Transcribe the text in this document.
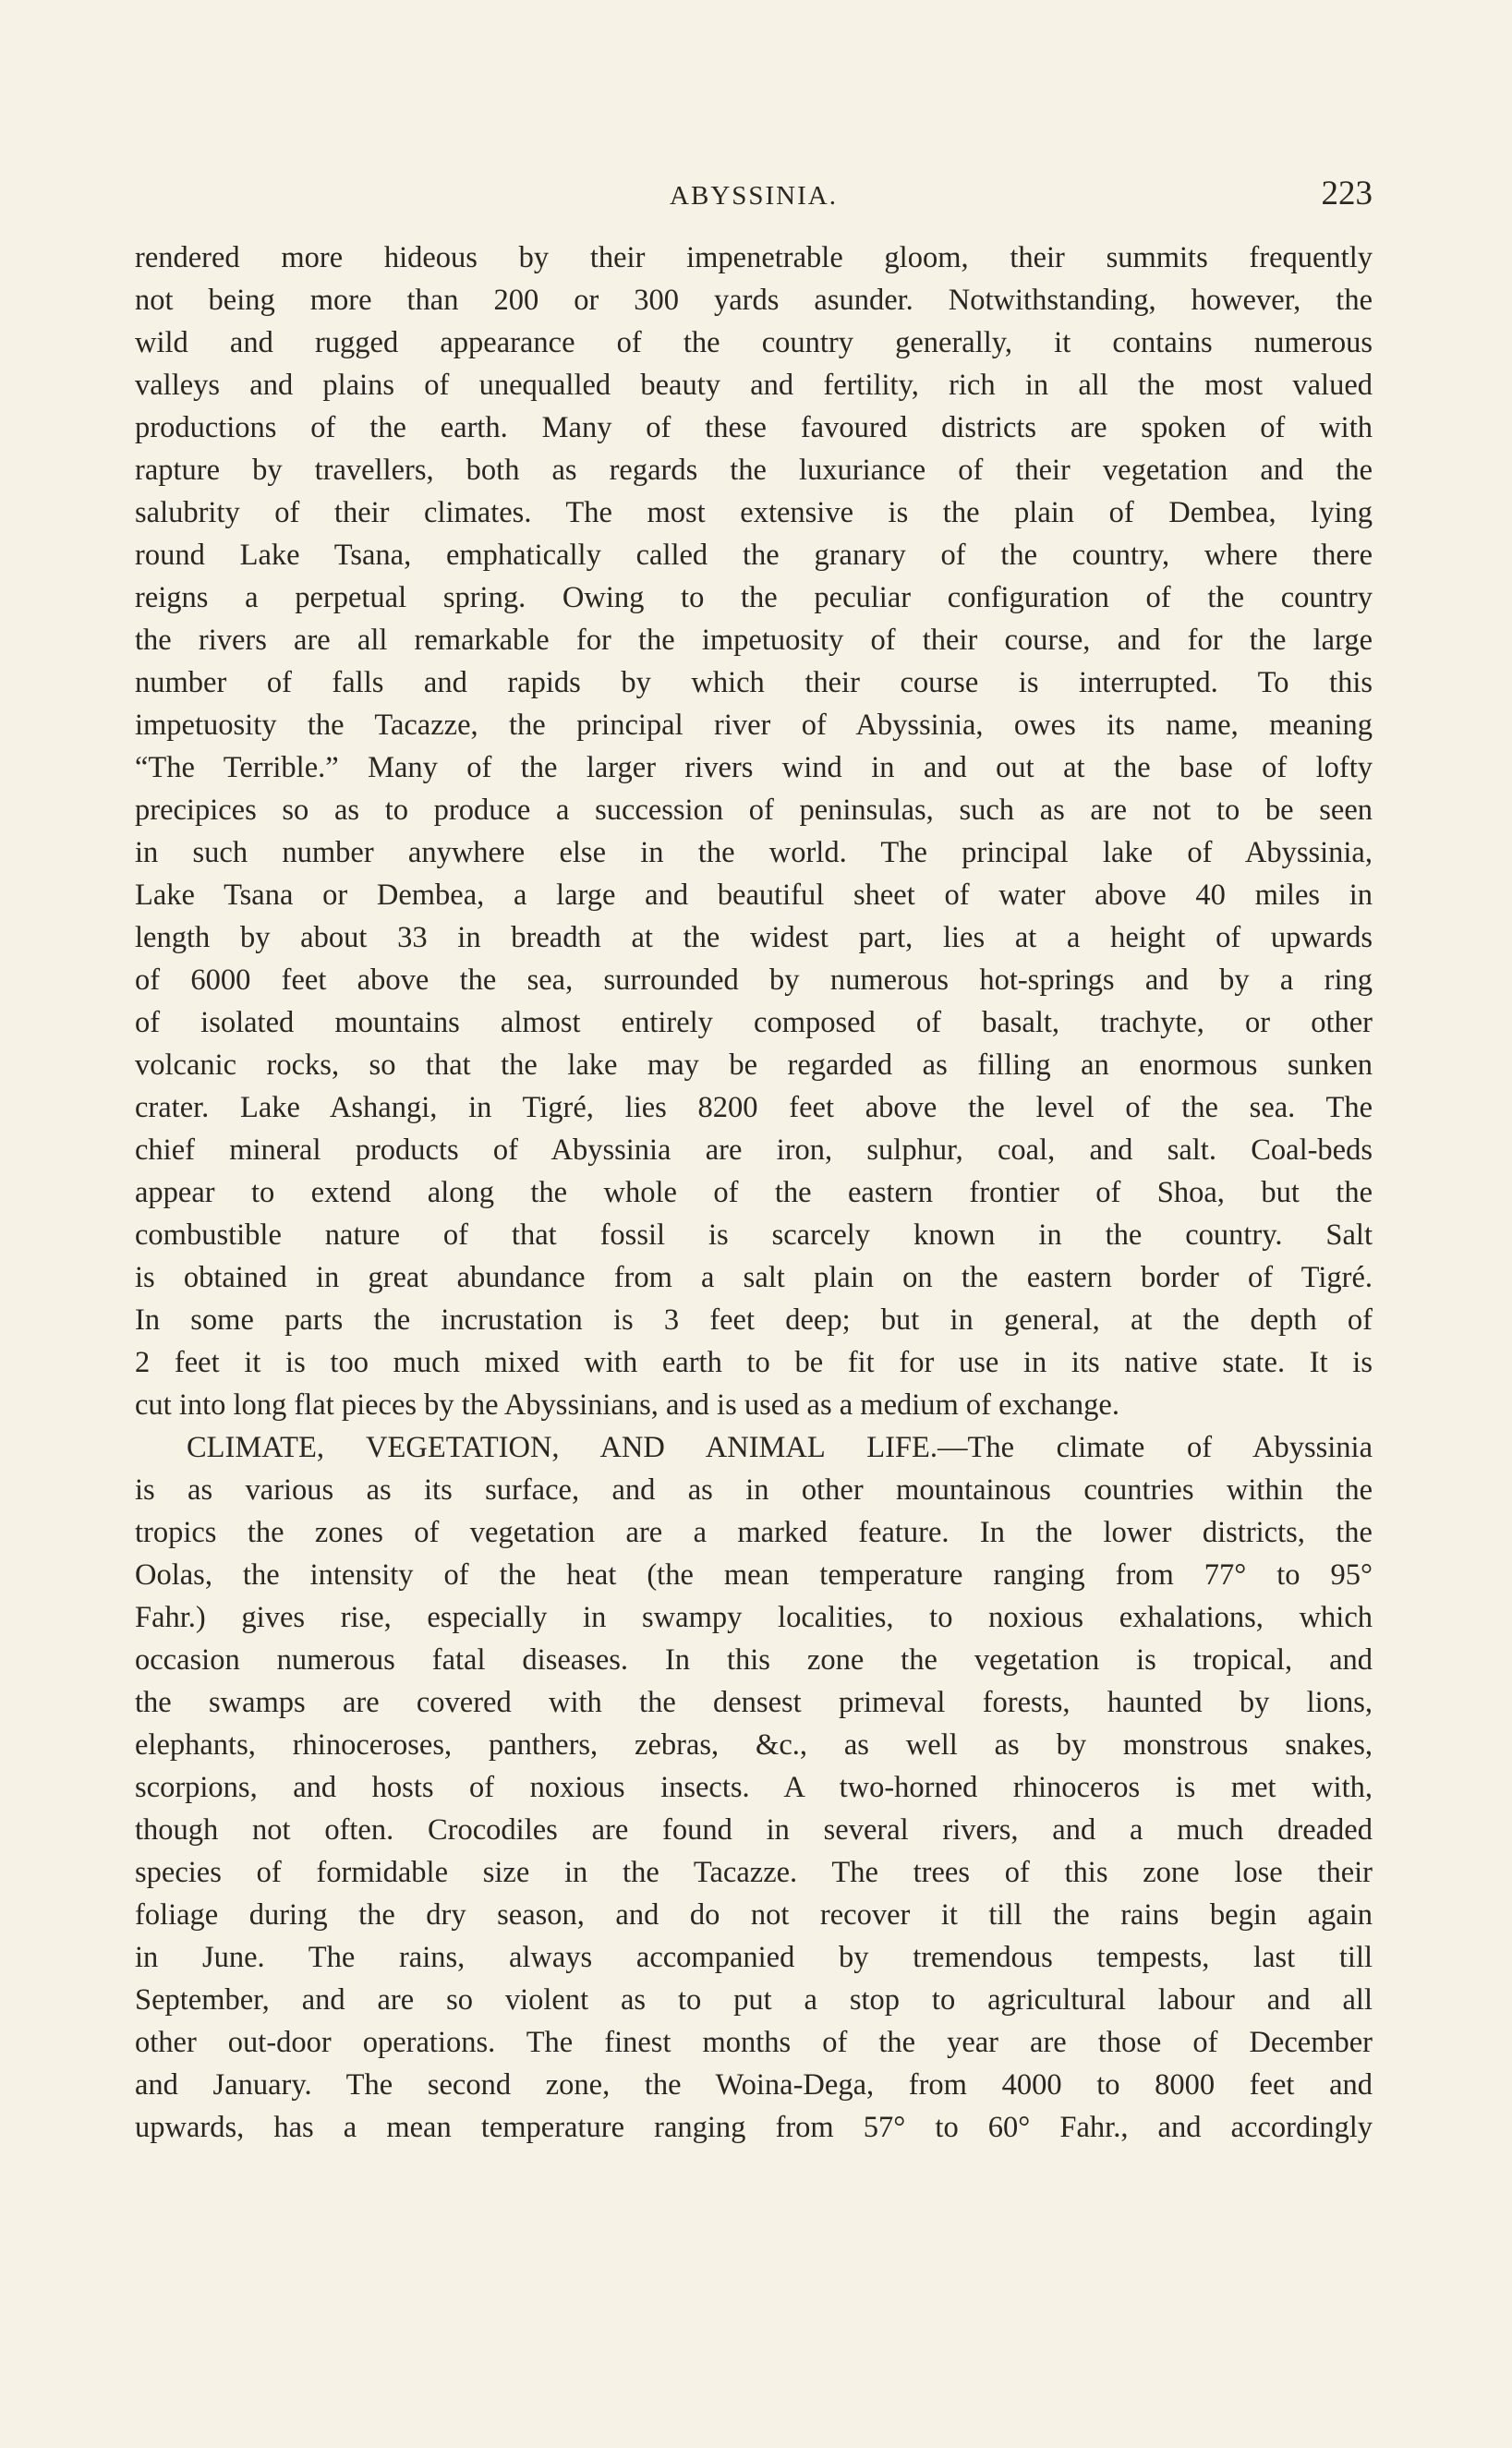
ABYSSINIA.	223
rendered more hideous by their impenetrable gloom, their summits frequently
not being more than 200 or 300 yards asunder. Notwithstanding, however, the
wild and rugged appearance of the country generally, it contains numerous
valleys and plains of unequalled beauty and fertility, rich in all the most valued
productions of the earth. Many of these favoured districts are spoken of with
rapture by travellers, both as regards the luxuriance of their vegetation and the
salubrity of their climates. The most extensive is the plain of Dembea, lying
round Lake Tsana, emphatically called the granary of the country, where there
reigns a perpetual spring. Owing to the peculiar configuration of the country
the rivers are all remarkable for the impetuosity of their course, and for the large
number of falls and rapids by which their course is interrupted. To this
impetuosity the Tacazze, the principal river of Abyssinia, owes its name, meaning
“The Terrible.” Many of the larger rivers wind in and out at the base of lofty
precipices so as to produce a succession of peninsulas, such as are not to be seen
in such number anywhere else in the world. The principal lake of Abyssinia,
Lake Tsana or Dembea, a large and beautiful sheet of water above 40 miles in
length by about 33 in breadth at the widest part, lies at a height of upwards
of 6000 feet above the sea, surrounded by numerous hot-springs and by a ring
of isolated mountains almost entirely composed of basalt, trachyte, or other
volcanic rocks, so that the lake may be regarded as filling an enormous sunken
crater. Lake Ashangi, in Tigré, lies 8200 feet above the level of the sea. The
chief mineral products of Abyssinia are iron, sulphur, coal, and salt. Coal-beds
appear to extend along the whole of the eastern frontier of Shoa, but the
combustible nature of that fossil is scarcely known in the country. Salt
is obtained in great abundance from a salt plain on the eastern border of Tigré.
In some parts the incrustation is 3 feet deep; but in general, at the depth of
2 feet it is too much mixed with earth to be fit for use in its native state. It is
cut into long flat pieces by the Abyssinians, and is used as a medium of exchange.
CLIMATE, VEGETATION, AND ANIMAL LIFE.—The climate of Abyssinia
is as various as its surface, and as in other mountainous countries within the
tropics the zones of vegetation are a marked feature. In the lower districts, the
Oolas, the intensity of the heat (the mean temperature ranging from 77° to 95°
Fahr.) gives rise, especially in swampy localities, to noxious exhalations, which
occasion numerous fatal diseases. In this zone the vegetation is tropical, and
the swamps are covered with the densest primeval forests, haunted by lions,
elephants, rhinoceroses, panthers, zebras, &c., as well as by monstrous snakes,
scorpions, and hosts of noxious insects. A two-horned rhinoceros is met with,
though not often. Crocodiles are found in several rivers, and a much dreaded
species of formidable size in the Tacazze. The trees of this zone lose their
foliage during the dry season, and do not recover it till the rains begin again
in June. The rains, always accompanied by tremendous tempests, last till
September, and are so violent as to put a stop to agricultural labour and all
other out-door operations. The finest months of the year are those of December
and January. The second zone, the Woina-Dega, from 4000 to 8000 feet and
upwards, has a mean temperature ranging from 57° to 60° Fahr., and accordingly
